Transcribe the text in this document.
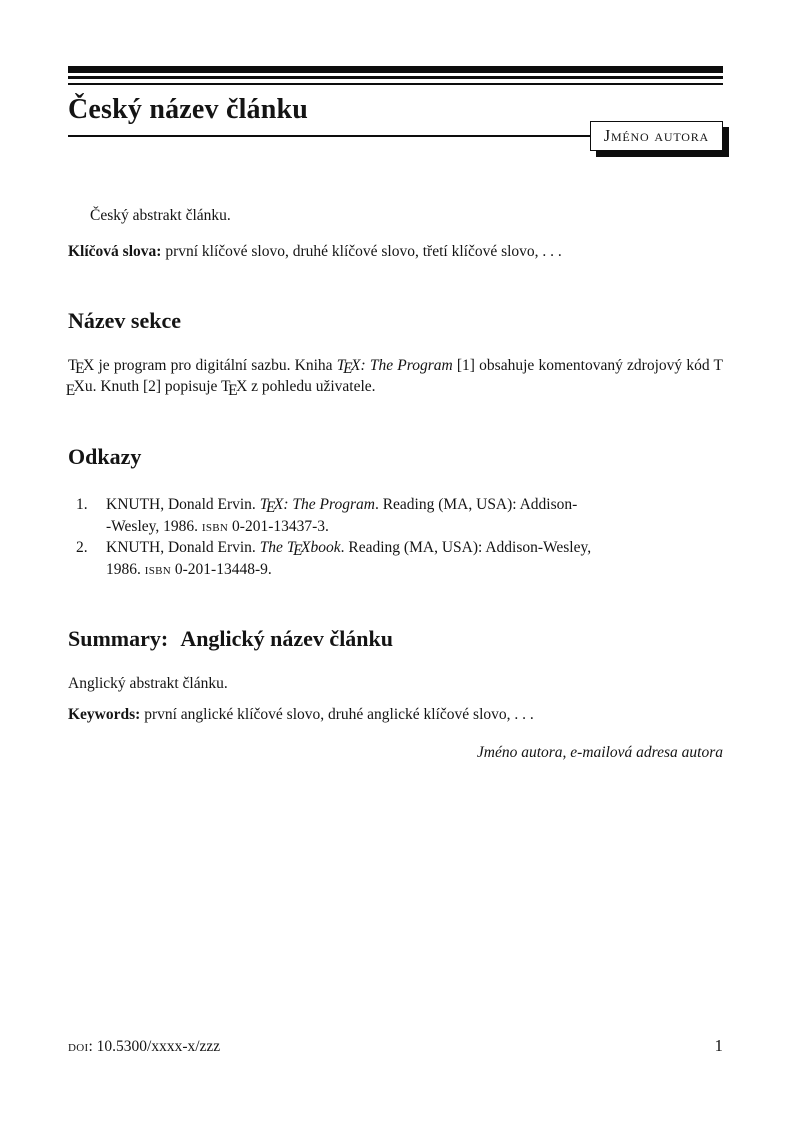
Český název článku
Jméno autora
Český abstrakt článku.
Klíčová slova: první klíčové slovo, druhé klíčové slovo, třetí klíčové slovo, . . .
Název sekce
TEX je program pro digitální sazbu. Kniha TEX: The Program [1] obsahuje komentovaný zdrojový kód TEXu. Knuth [2] popisuje TEX z pohledu uživatele.
Odkazy
1.	KNUTH, Donald Ervin. TEX: The Program. Reading (MA, USA): Addison-
-Wesley, 1986. isbn 0-201-13437-3.
2.	KNUTH, Donald Ervin. The TEXbook. Reading (MA, USA): Addison-Wesley,
1986. isbn 0-201-13448-9.
Summary: Anglický název článku
Anglický abstrakt článku.
Keywords: první anglické klíčové slovo, druhé anglické klíčové slovo, . . .
Jméno autora, e-mailová adresa autora
doi: 10.5300/xxxx-x/zzz	1
